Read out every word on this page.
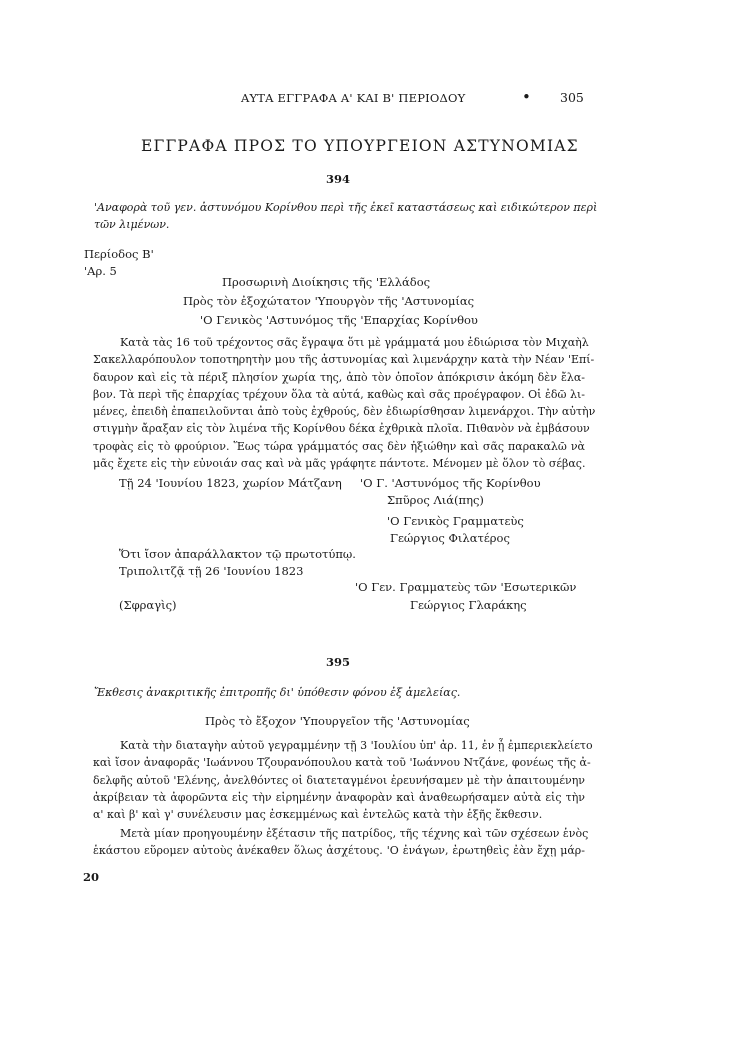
ΑΥΤΑ ΕΓΓΡΑΦΑ Α' ΚΑΙ Β' ΠΕΡΙΟΔΟΥ	• 305
ΕΓΓΡΑΦΑ ΠΡΟΣ ΤΟ ΥΠΟΥΡΓΕΙΟΝ ΑΣΤΥΝΟΜΙΑΣ
394
'Αναφορὰ τοῦ γεν. ἀστυνόμου Κορίνθου περὶ τῆς ἐκεῖ καταστάσεως καὶ ειδικώτερον περὶ
τῶν λιμένων.
Περίοδος Β'
'Αρ. 5
Προσωρινὴ Διοίκησις τῆς 'Ελλάδος
Πρὸς τὸν ἐξοχώτατον 'Υπουργὸν τῆς 'Αστυνομίας
'Ο Γενικὸς 'Αστυνόμος τῆς 'Επαρχίας Κορίνθου
Κατὰ τὰς 16 τοῦ τρέχοντος σᾶς ἔγραψα ὅτι μὲ γράμματά μου ἐδιώρισα τὸν Μιχαὴλ
Σακελλαρόπουλον τοποτηρητὴν μου τῆς ἀστυνομίας καὶ λιμενάρχην κατὰ τὴν Νέαν 'Επί-
δαυρον καὶ εἰς τὰ πέριξ πλησίον χωρία της, ἀπὸ τὸν ὁποῖον ἀπόκρισιν ἀκόμη δὲν ἔλα-
βον. Τὰ περὶ τῆς ἐπαρχίας τρέχουν ὅλα τὰ αὐτά, καθὼς καὶ σᾶς προέγραφον. Οἱ ἐδῶ λι-
μένες, ἐπειδὴ ἐπαπειλοῦνται ἀπὸ τοὺς ἐχθρούς, δὲν ἐδιωρίσθησαν λιμενάρχοι. Τὴν αὐτὴν
στιγμὴν ἄραξαν εἰς τὸν λιμένα τῆς Κορίνθου δέκα ἐχθρικὰ πλοῖα. Πιθανὸν νὰ ἐμβάσουν
τροφὰς εἰς τὸ φρούριον. Ἕως τώρα γράμματός σας δὲν ἠξιώθην καὶ σᾶς παρακαλῶ νὰ
μᾶς ἔχετε εἰς τὴν εὐνοιάν σας καὶ νὰ μᾶς γράφητε πάντοτε. Μένομεν μὲ ὅλον τὸ σέβας.
Τῇ 24 'Ιουνίου 1823, χωρίον Μάτζανη 'Ο Γ. 'Αστυνόμος τῆς Κορίνθου
Σπῦρος Λιά(πης)
'Ο Γενικὸς Γραμματεὺς
Γεώργιος Φιλατέρος
Ὅτι ἴσον ἀπαράλλακτον τῷ πρωτοτύπῳ.
Τριπολιτζᾷ τῇ 26 'Ιουνίου 1823
'Ο Γεν. Γραμματεὺς τῶν 'Εσωτερικῶν
Γεώργιος Γλαράκης
(Σφραγὶς)
395
Ἔκθεσις ἀνακριτικῆς ἐπιτροπῆς δι' ὑπόθεσιν φόνου ἐξ ἀμελείας.
Πρὸς τὸ ἔξοχον 'Υπουργεῖον τῆς 'Αστυνομίας
Κατὰ τὴν διαταγὴν αὐτοῦ γεγραμμένην τῇ 3 'Ιουλίου ὑπ' ἀρ. 11, ἐν ᾗ ἐμπεριεκλείετο
καὶ ἴσον ἀναφορᾶς 'Ιωάννου Τζουρανόπουλου κατὰ τοῦ 'Ιωάννου Ντζάνε, φονέως τῆς ἀ-
δελφῆς αὐτοῦ 'Ελένης, ἀνελθόντες οἱ διατεταγμένοι ἐρευνήσαμεν μὲ τὴν ἀπαιτουμένην
ἀκρίβειαν τὰ ἀφορῶντα εἰς τὴν εἰρημένην ἀναφορὰν καὶ ἀναθεωρήσαμεν αὐτὰ εἰς τὴν
α' καὶ β' καὶ γ' συνέλευσιν μας ἐσκεμμένως καὶ ἐντελῶς κατὰ τὴν ἑξῆς ἔκθεσιν.
Μετὰ μίαν προηγουμένην ἐξέτασιν τῆς πατρίδος, τῆς τέχνης καὶ τῶν σχέσεων ἑνὸς
ἑκάστου εὕρομεν αὐτοὺς ἀνέκαθεν ὅλως ἀσχέτους. 'Ο ἐνάγων, ἐρωτηθεὶς ἐὰν ἔχῃ μάρ-
20
